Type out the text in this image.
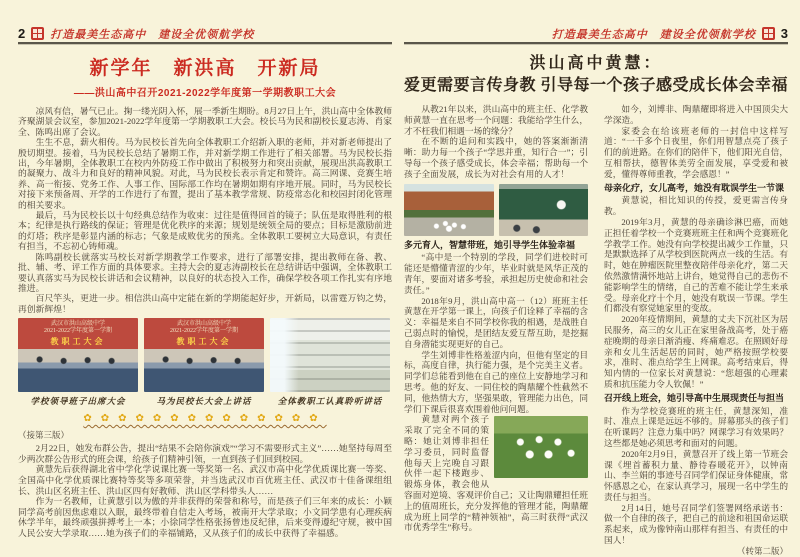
2 打造最美生态高中　建设全优领航学校
新学年　新洪高　开新局
——洪山高中召开2021-2022学年度第一学期教职工大会

凉风有信，暑气已止。掬一缕光阴入怀，展一季新生期盼。8月27日上午，洪山高中全体教师齐聚湖景会议室，参加2021-2022学年度第一学期教职工大会。校长马为民和副校长夏志涛、肖家全、陈鸣出席了会议。

生生不息，薪火相传。马为民校长首先向全体教职工介绍新入职的老师，并对新老师提出了殷切期望。接着，马为民校长总结了暑期工作，并对新学期工作进行了相关部署。马为民校长指出，今年暑期，全体教职工在校内外防疫工作中做出了积极努力和突出贡献，展现出洪高教职工的凝聚力、战斗力和良好的精神风貌。对此，马为民校长表示肯定和赞许。高三网课、竞赛生培养、高一衔接、党务工作、人事工作、国际部工作均在暑期如期有序地开展。同时，马为民校长对接下来预备周、开学的工作进行了布置，提出了基本教学常规、防疫常态化和校园封闭化管理的相关要求。

最后，马为民校长以十句经典总结作为收束：过往是值得回首的镜子；队伍是取得胜利的根本；纪律是执行路线的保证；管理是优化秩序的来源；规划是统领全局的要点；目标是激励前进的灯塔；秩序是彰显内涵的标志；气象是成败优劣的预兆。全体教职工要树立大局意识，有责任有担当，不忘初心铸师魂。

陈鸣副校长就落实马校长对新学期教学工作要求，进行了部署安排，提出教师在备、教、批、辅、考、评工作方面的具体要求。主持大会的夏志涛副校长在总结讲话中强调，全体教职工要认真落实马为民校长讲话和会议精神，以良好的状态投入工作，确保学校各项工作扎实有序地推进。

百尺竿头，更进一步。相信洪山高中定能在新的学期能起好步，开新局，以雷霆万钧之势，再创新辉煌！

武汉市洪山高级中学
2021-2022学年度第一学期
教职工大会
武汉市洪山高级中学
2021-2022学年度第一学期
教职工大会
学校领导班子出席大会	马为民校长大会上讲话	全体教职工认真聆听讲话
✿✿✿✿✿✿✿✿✿✿✿✿✿✿
（接第三版）

2月22日，她发布群公告，提出“结果不会陪你演戏”“学习不需要形式主义”……她坚持每周至少两次群公告形式的班会课，给孩子们精神引领，一直到孩子们回到校园。

黄慧先后获得湖北省中学化学说课比赛一等奖第一名、武汉市高中化学优质课比赛一等奖、全国高中化学优质课比赛特等奖等多项荣誉，并当选武汉市百优班主任、武汉市十佳备课组组长、洪山区名班主任、洪山区四有好教师、洪山区学科带头人……

作为一名教师，让黄慧引以为傲的并非获得的荣誉和称号，而是孩子们三年来的成长：小颖同学高考前因焦虑难以入眠，最终带着自信走入考场，被南开大学录取；小文同学患有心理疾病休学半年，最终顽强拼搏考上一本；小徐同学性格张扬曾违反纪律，后来变得遵纪守规，被中国人民公安大学录取……她为孩子们的幸福铺路，又从孩子们的成长中获得了幸福感。

打造最美生态高中　建设全优领航学校 3
洪山高中黄慧：
爱更需要言传身教 引导每一个孩子感受成长体会幸福

从教21年以来，洪山高中的班主任、化学教师黄慧一直在思考一个问题：我能给学生什么，才不枉我们相遇一场的缘分？

在不断的追问和实践中，她的答案渐渐清晰：助力每一个孩子“学思并重，知行合一”；引导每一个孩子感受成长，体会幸福；帮助每一个孩子全面发展，成长为对社会有用的人才！

多元育人，智慧带班，她引导学生体验幸福

“高中是一个特别的学段，同学们进校时可能还是懵懂青涩的少年，毕业时就是风华正茂的青年，要面对诸多考验，承担起历史使命和社会责任。”

2018年9月，洪山高中高一（12）班班主任黄慧在开学第一课上，向孩子们诠释了幸福的含义：幸福是来自不同学校你我的相遇，是战胜自己弱点时的愉悦，是团结友爱互帮互助，是挖掘自身潜能实现更好的自己。

学生刘博非性格羞涩内向，但他有坚定的目标，高度自律，执行能力强，是个完美主义者。同学们总能看到他在自己的座位上安静地学习和思考。他的好友、一同住校的陶鼎耀个性截然不同，他热情大方，坚强果敢，管理能力出色，同学们下课后很喜欢围着他问问题。

黄慧对两个孩子采取了完全不同的策略：她让刘博非担任学习委员，同时监督他每天上完晚自习跟伙伴一起下楼跑步、锻炼身体，教会他从容面对逆境、客观评价自己；又让陶鼎耀担任班上的值周班长，充分发挥他的管理才能，陶鼎耀成为班上同学的“精神领袖”，高三时获得“武汉市优秀学生”称号。

如今，刘博非、陶鼎耀即将进入中国顶尖大学深造。

家委会在给该班老师的一封信中这样写道：“一千多个日夜里，你们用智慧点亮了孩子们的前进路。在你们的陪伴下，他们阳光自信，互相帮扶，德智体美劳全面发展，享受爱和被爱，懂得尊师重教，学会感恩！”

母亲化疗，女儿高考，她没有耽误学生一节课

黄慧说，相比知识的传授，爱更需言传身教。

2019年3月，黄慧的母亲确诊淋巴癌，而她正担任着学校一个竞赛班班主任和两个竞赛班化学教学工作。她没有向学校提出减少工作量，只是默默选择了从学校到医院两点一线的生活。有时，她在肿瘤医院里整夜陪伴母亲化疗，第二天依然激情满怀地站上讲台，她觉得自己的悲伤不能影响学生的情绪，自己的苦难不能让学生来承受。母亲化疗十个月，她没有耽误一节课。学生们都没有察觉她家里的变故。

2020年疫情期间，黄慧的丈夫下沉社区为居民服务，高三的女儿正在家里备战高考，处于癌症晚期的母亲日渐消瘦、疼痛难忍。在照顾好母亲和女儿生活起居的同时，她严格按照学校要求，准时、准点给学生上网课。高考结束后，得知内情的一位家长对黄慧说：“您超强的心理素质和抗压能力令人钦佩！”

召开线上班会，她引导高中生展现责任与担当

作为学校竞赛班的班主任，黄慧深知，准时、准点上课是远远不够的。屏幕那头的孩子们在听课吗？注意力集中吗？网课学习有效果吗？这些都是她必须思考和面对的问题。

2020年2月9日，黄慧召开了线上第一节班会课《埋首蓄积力量、静待春暖花开》，以钟南山、李兰娟的事迹号召同学们保证身体健康，常怀感恩之心，在家认真学习，展现一名中学生的责任与担当。

2月14日，她号召同学们签署网络承诺书：做一个自律的孩子，把自己的前途和祖国命运联系起来，成为像钟南山那样有担当、有责任的中国人！

（转第二版）
